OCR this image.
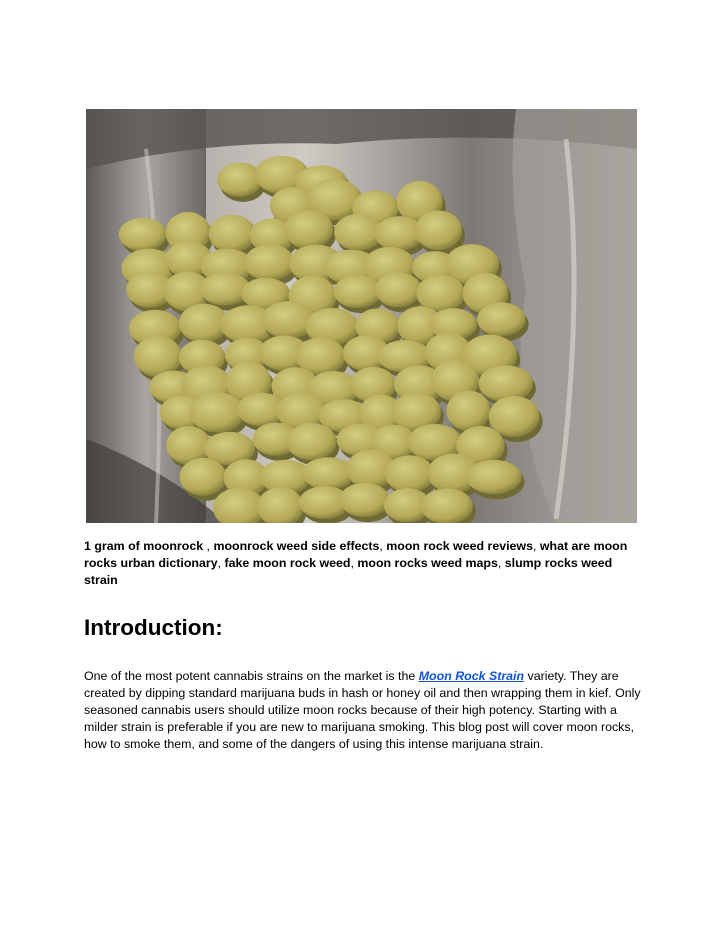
1 gram of moonrock , moonrock weed side effects, moon rock weed reviews, what are moon rocks urban dictionary, fake moon rock weed, moon rocks weed maps, slump rocks weed strain
Introduction:

One of the most potent cannabis strains on the market is the Moon Rock Strain variety. They are created by dipping standard marijuana buds in hash or honey oil and then wrapping them in kief. Only seasoned cannabis users should utilize moon rocks because of their high potency. Starting with a milder strain is preferable if you are new to marijuana smoking. This blog post will cover moon rocks, how to smoke them, and some of the dangers of using this intense marijuana strain.
